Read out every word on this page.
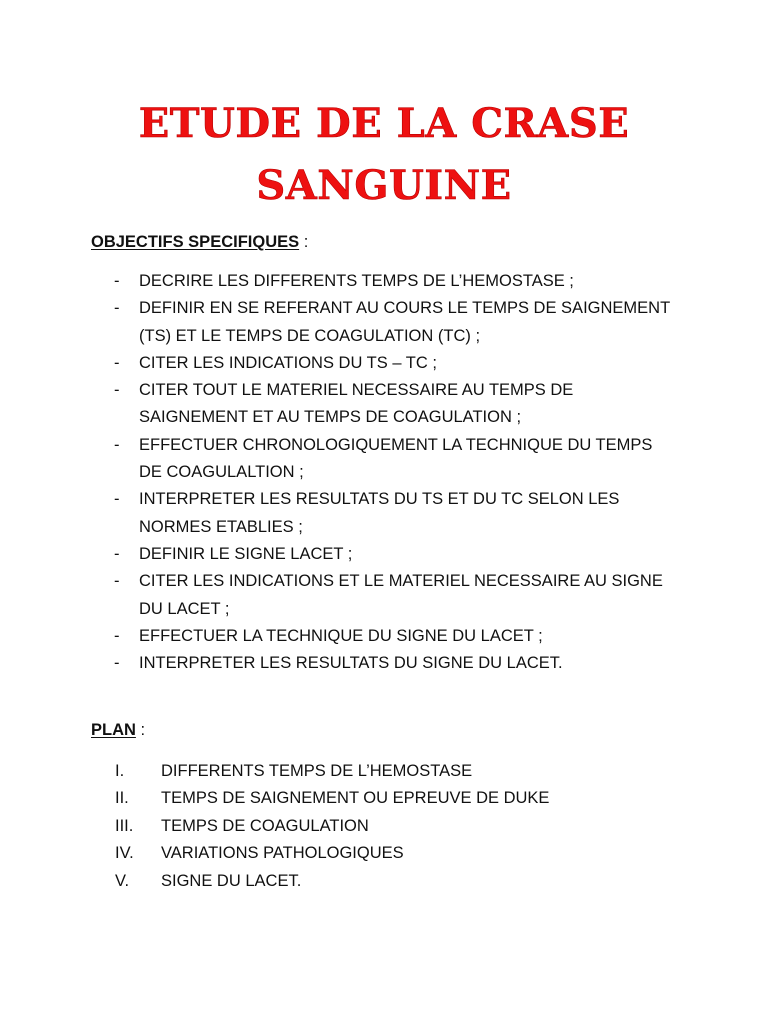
ETUDE DE LA CRASE
SANGUINE
OBJECTIFS SPECIFIQUES :
- DECRIRE LES DIFFERENTS TEMPS DE L’HEMOSTASE ;
- DEFINIR EN SE REFERANT AU COURS LE TEMPS DE SAIGNEMENT
(TS) ET LE TEMPS DE COAGULATION (TC) ;
- CITER LES INDICATIONS DU TS – TC ;
- CITER TOUT LE MATERIEL NECESSAIRE AU TEMPS DE
SAIGNEMENT ET AU TEMPS DE COAGULATION ;
- EFFECTUER CHRONOLOGIQUEMENT LA TECHNIQUE DU TEMPS
DE COAGULALTION ;
- INTERPRETER LES RESULTATS DU TS ET DU TC SELON LES
NORMES ETABLIES ;
- DEFINIR LE SIGNE LACET ;
- CITER LES INDICATIONS ET LE MATERIEL NECESSAIRE AU SIGNE
DU LACET ;
- EFFECTUER LA TECHNIQUE DU SIGNE DU LACET ;
- INTERPRETER LES RESULTATS DU SIGNE DU LACET.
PLAN :
I. DIFFERENTS TEMPS DE L’HEMOSTASE
II. TEMPS DE SAIGNEMENT OU EPREUVE DE DUKE
III. TEMPS DE COAGULATION
IV. VARIATIONS PATHOLOGIQUES
V. SIGNE DU LACET.
